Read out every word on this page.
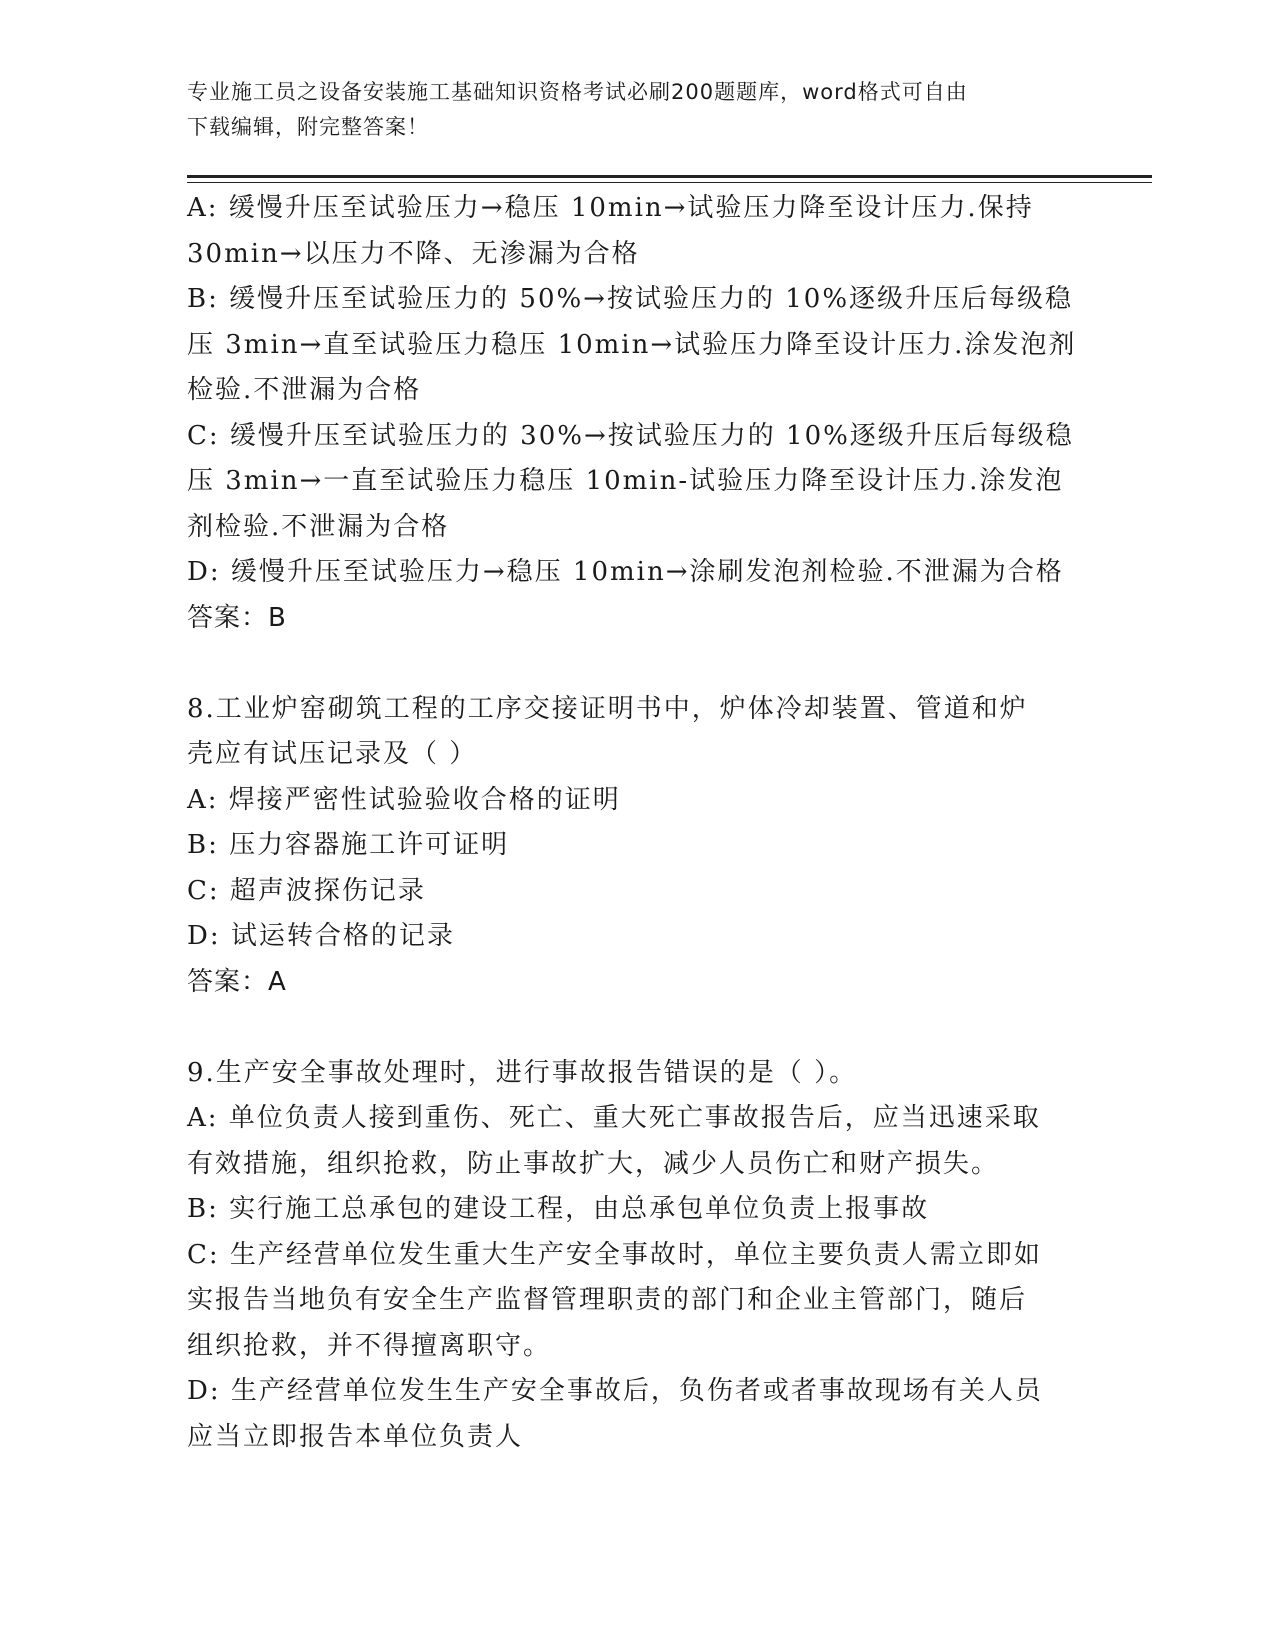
专业施工员之设备安装施工基础知识资格考试必刷200题题库，word格式可自由
下载编辑，附完整答案！
A: 缓慢升压至试验压力→稳压 10min→试验压力降至设计压力.保持
30min→以压力不降、无渗漏为合格
B: 缓慢升压至试验压力的 50%→按试验压力的 10%逐级升压后每级稳
压 3min→直至试验压力稳压 10min→试验压力降至设计压力.涂发泡剂
检验.不泄漏为合格
C: 缓慢升压至试验压力的 30%→按试验压力的 10%逐级升压后每级稳
压 3min→一直至试验压力稳压 10min-试验压力降至设计压力.涂发泡
剂检验.不泄漏为合格
D: 缓慢升压至试验压力→稳压 10min→涂刷发泡剂检验.不泄漏为合格
答案：B
8.工业炉窑砌筑工程的工序交接证明书中，炉体冷却装置、管道和炉
壳应有试压记录及（ ）
A: 焊接严密性试验验收合格的证明
B: 压力容器施工许可证明
C: 超声波探伤记录
D: 试运转合格的记录
答案：A
9.生产安全事故处理时，进行事故报告错误的是（ ）。
A: 单位负责人接到重伤、死亡、重大死亡事故报告后，应当迅速采取
有效措施，组织抢救，防止事故扩大，减少人员伤亡和财产损失。
B: 实行施工总承包的建设工程，由总承包单位负责上报事故
C: 生产经营单位发生重大生产安全事故时，单位主要负责人需立即如
实报告当地负有安全生产监督管理职责的部门和企业主管部门，随后
组织抢救，并不得擅离职守。
D: 生产经营单位发生生产安全事故后，负伤者或者事故现场有关人员
应当立即报告本单位负责人
